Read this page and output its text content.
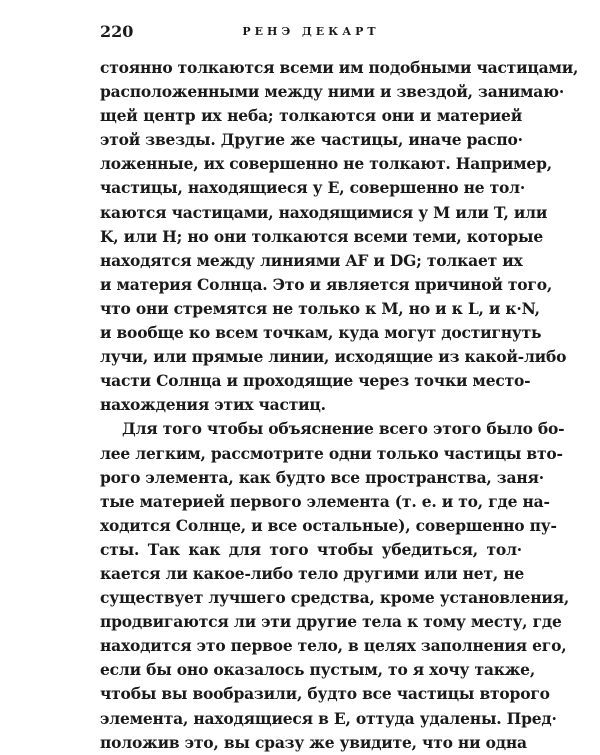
220	РЕНЭ ДЕКАРТ
стоянно толкаются всеми им подобными частицами,
расположенными между ними и звездой, занимаю·
щей центр их неба; толкаются они и материей
этой звезды. Другие же частицы, иначе распо·
ложенные, их совершенно не толкают. Например,
частицы, находящиеся у E, совершенно не тол·
каются частицами, находящимися у M или T, или
K, или H; но они толкаются всеми теми, которые
находятся между линиями AF и DG; толкает их
и материя Солнца. Это и является причиной того,
что они стремятся не только к M, но и к L, и к·N,
и вообще ко всем точкам, куда могут достигнуть
лучи, или прямые линии, исходящие из какой-либо
части Солнца и проходящие через точки место-
нахождения этих частиц.
Для того чтобы объяснение всего этого было бо-
лее легким, рассмотрите одни только частицы вто-
рого элемента, как будто все пространства, заня·
тые материей первого элемента (т. е. и то, где на-
ходится Солнце, и все остальные), совершенно пу-
сты. Так как для того чтобы убедиться, тол·
кается ли какое-либо тело другими или нет, не
существует лучшего средства, кроме установления,
продвигаются ли эти другие тела к тому месту, где
находится это первое тело, в целях заполнения его,
если бы оно оказалось пустым, то я хочу также,
чтобы вы вообразили, будто все частицы второго
элемента, находящиеся в E, оттуда удалены. Пред·
положив это, вы сразу же увидите, что ни одна
